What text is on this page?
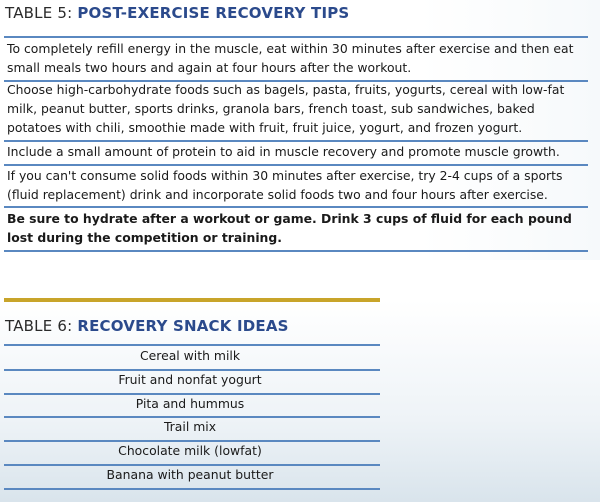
TABLE 5: POST-EXERCISE RECOVERY TIPS
To completely refill energy in the muscle, eat within 30 minutes after exercise and then eat small meals two hours and again at four hours after the workout.
Choose high-carbohydrate foods such as bagels, pasta, fruits, yogurts, cereal with low-fat milk, peanut butter, sports drinks, granola bars, french toast, sub sandwiches, baked potatoes with chili, smoothie made with fruit, fruit juice, yogurt, and frozen yogurt.
Include a small amount of protein to aid in muscle recovery and promote muscle growth.
If you can't consume solid foods within 30 minutes after exercise, try 2-4 cups of a sports (fluid replacement) drink and incorporate solid foods two and four hours after exercise.
Be sure to hydrate after a workout or game. Drink 3 cups of fluid for each pound lost during the competition or training.
TABLE 6: RECOVERY SNACK IDEAS
Cereal with milk
Fruit and nonfat yogurt
Pita and hummus
Trail mix
Chocolate milk (lowfat)
Banana with peanut butter
